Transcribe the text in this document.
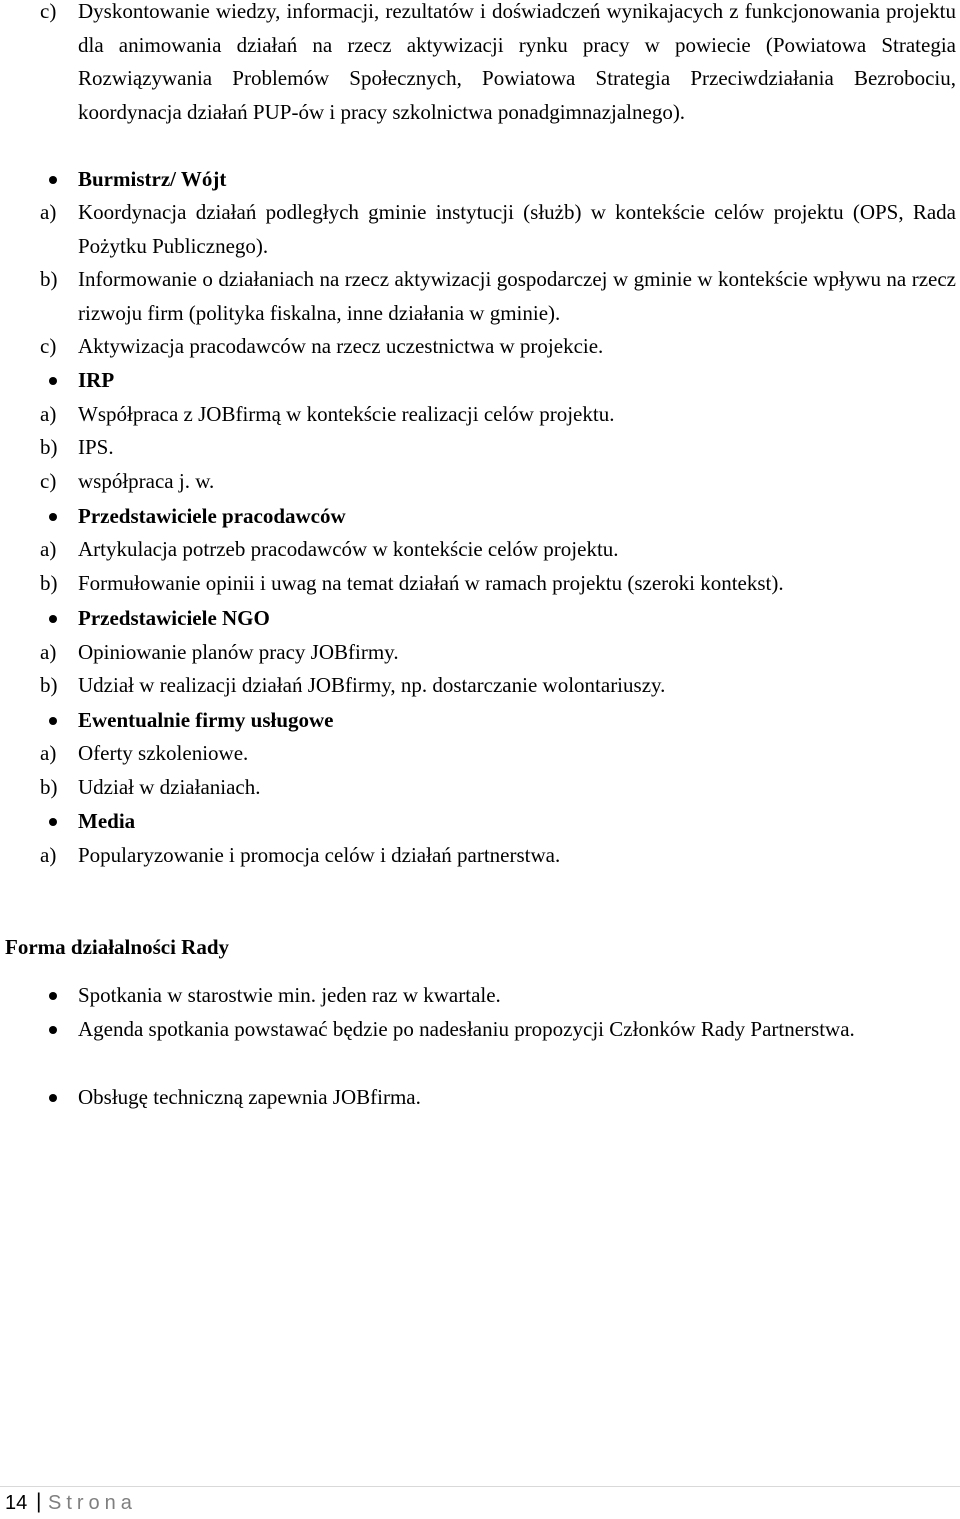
c) Dyskontowanie wiedzy, informacji, rezultatów i doświadczeń wynikajacych z funkcjonowania projektu dla animowania działań na rzecz aktywizacji rynku pracy w powiecie (Powiatowa Strategia Rozwiązywania Problemów Społecznych, Powiatowa Strategia Przeciwdziałania Bezrobociu, koordynacja działań PUP-ów i pracy szkolnictwa ponadgimnazjalnego).
Burmistrz/ Wójt
a) Koordynacja działań podległych gminie instytucji (służb) w kontekście celów projektu (OPS, Rada Pożytku Publicznego).
b) Informowanie o działaniach na rzecz aktywizacji gospodarczej w gminie w kontekście wpływu na rzecz rizwoju firm (polityka fiskalna, inne działania w gminie).
c) Aktywizacja pracodawców na rzecz uczestnictwa w projekcie.
IRP
a) Współpraca z JOBfirmą w kontekście realizacji celów projektu.
b) IPS.
c) współpraca j. w.
Przedstawiciele pracodawców
a) Artykulacja potrzeb pracodawców w kontekście celów projektu.
b) Formułowanie opinii i uwag na temat działań w ramach projektu (szeroki kontekst).
Przedstawiciele NGO
a) Opiniowanie planów pracy JOBfirmy.
b) Udział w realizacji działań JOBfirmy, np. dostarczanie wolontariuszy.
Ewentualnie firmy usługowe
a) Oferty szkoleniowe.
b) Udział w działaniach.
Media
a) Popularyzowanie i promocja celów i działań partnerstwa.
Forma działalności Rady
Spotkania w starostwie min. jeden raz w kwartale.
Agenda spotkania powstawać będzie po nadesłaniu propozycji Członków Rady Partnerstwa.
Obsługę techniczną zapewnia JOBfirma.
14 | Strona
